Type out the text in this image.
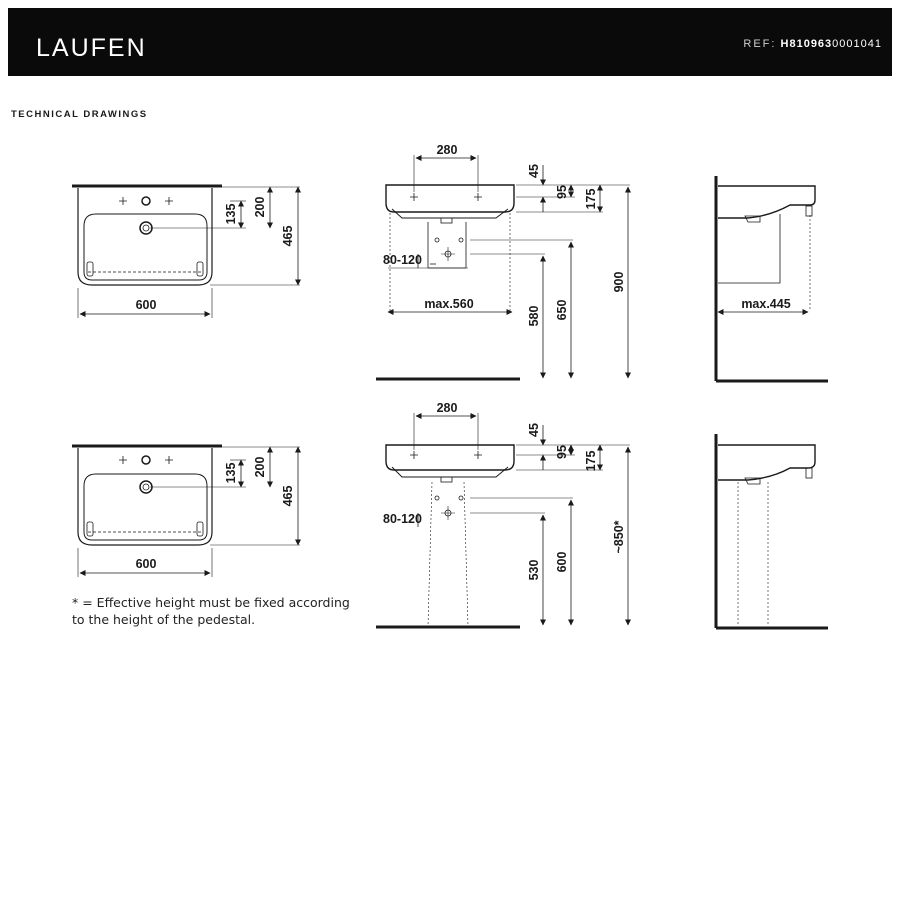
LAUFEN	REF: H8109630001041
TECHNICAL DRAWINGS
135 200
465
600
280
45
95 175
80-120
max.560
580 650
900
max.445
135 200
465
600
280
45
95 175
80-120
530 600
~850*
* = Effective height must be fixed according
to the height of the pedestal.
